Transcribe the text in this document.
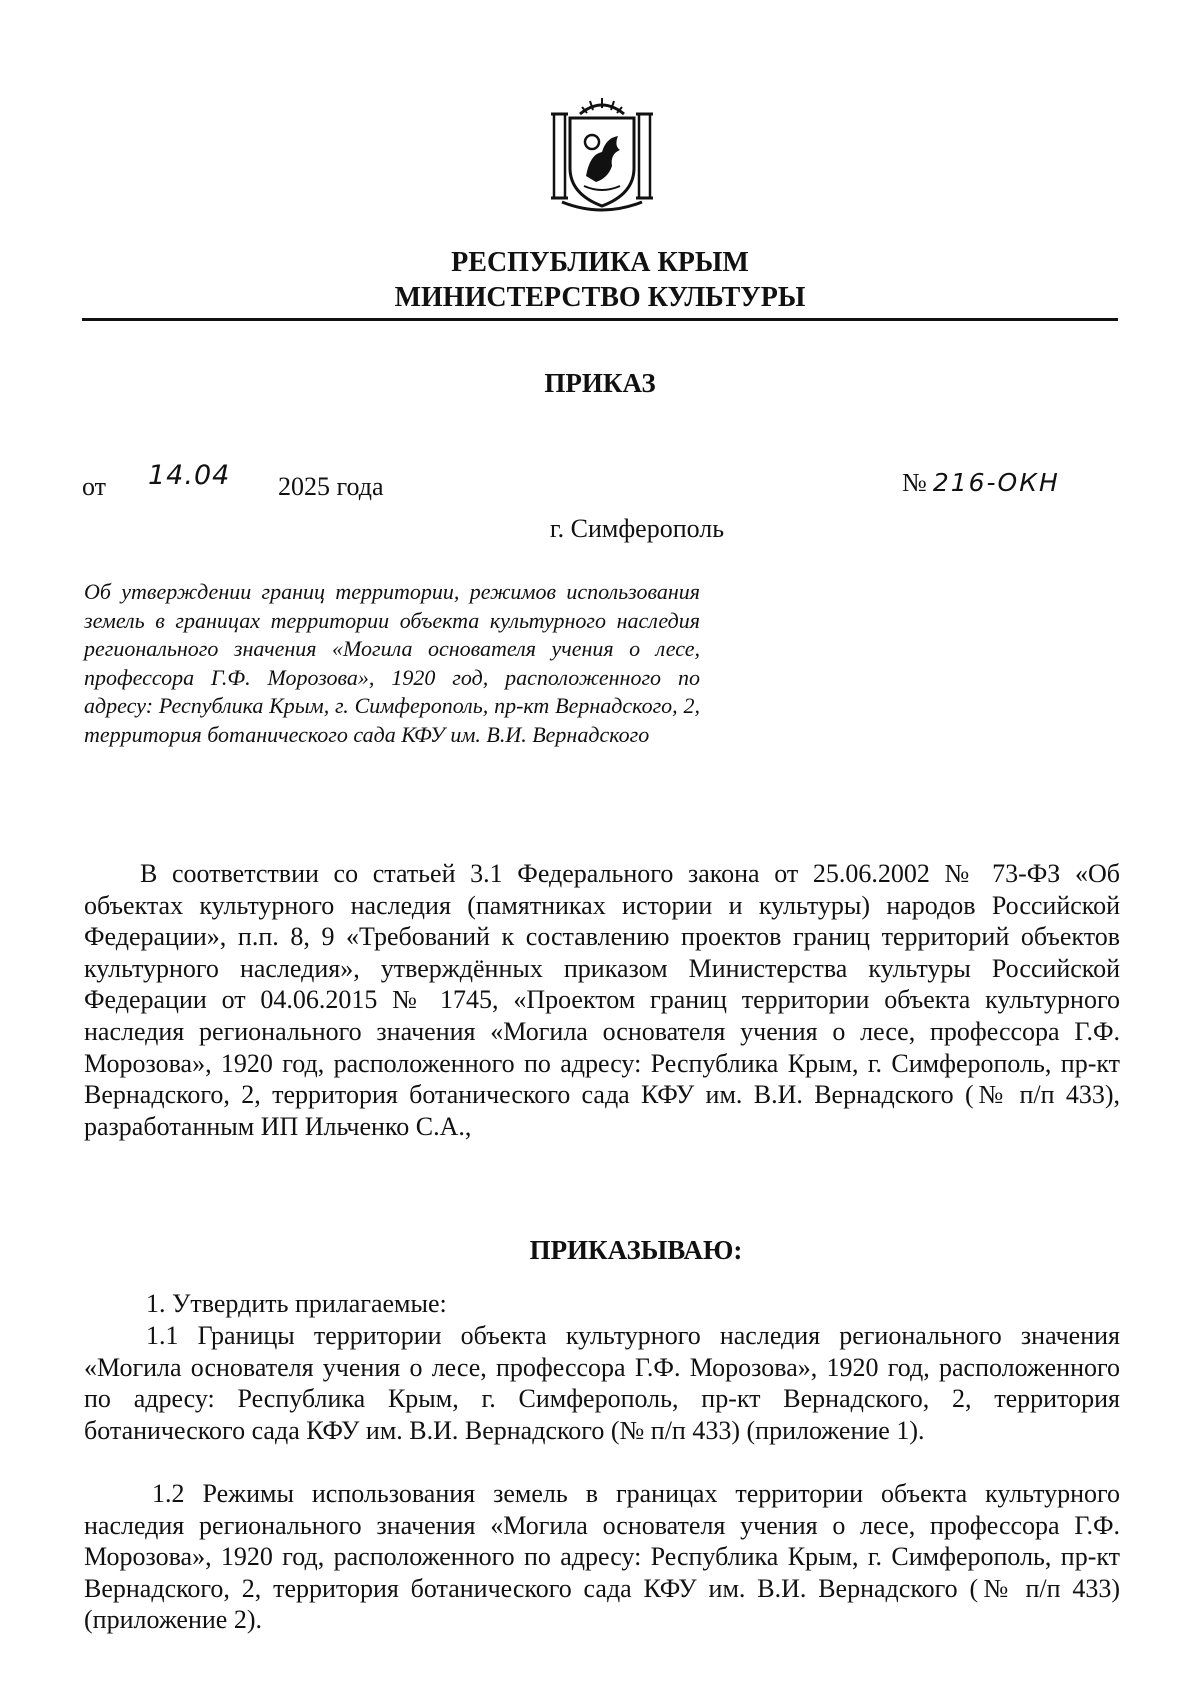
РЕСПУБЛИКА КРЫМ
МИНИСТЕРСТВО КУЛЬТУРЫ
ПРИКАЗ
от 14.04 2025 года	№ 216-ОКН
г. Симферополь
Об утверждении границ территории, режимов использования земель в границах территории объекта культурного наследия регионального значения «Могила основателя учения о лесе, профессора Г.Ф. Морозова», 1920 год, расположенного по адресу: Республика Крым, г. Симферополь, пр-кт Вернадского, 2, территория ботанического сада КФУ им. В.И. Вернадского
В соответствии со статьей 3.1 Федерального закона от 25.06.2002 № 73-ФЗ «Об объектах культурного наследия (памятниках истории и культуры) народов Российской Федерации», п.п. 8, 9 «Требований к составлению проектов границ территорий объектов культурного наследия», утверждённых приказом Министерства культуры Российской Федерации от 04.06.2015 № 1745, «Проектом границ территории объекта культурного наследия регионального значения «Могила основателя учения о лесе, профессора Г.Ф. Морозова», 1920 год, расположенного по адресу: Республика Крым, г. Симферополь, пр-кт Вернадского, 2, территория ботанического сада КФУ им. В.И. Вернадского (№ п/п 433), разработанным ИП Ильченко С.А.,
ПРИКАЗЫВАЮ:
1. Утвердить прилагаемые:
1.1 Границы территории объекта культурного наследия регионального значения «Могила основателя учения о лесе, профессора Г.Ф. Морозова», 1920 год, расположенного по адресу: Республика Крым, г. Симферополь, пр-кт Вернадского, 2, территория ботанического сада КФУ им. В.И. Вернадского (№ п/п 433) (приложение 1).
1.2 Режимы использования земель в границах территории объекта культурного наследия регионального значения «Могила основателя учения о лесе, профессора Г.Ф. Морозова», 1920 год, расположенного по адресу: Республика Крым, г. Симферополь, пр-кт Вернадского, 2, территория ботанического сада КФУ им. В.И. Вернадского (№ п/п 433) (приложение 2).
